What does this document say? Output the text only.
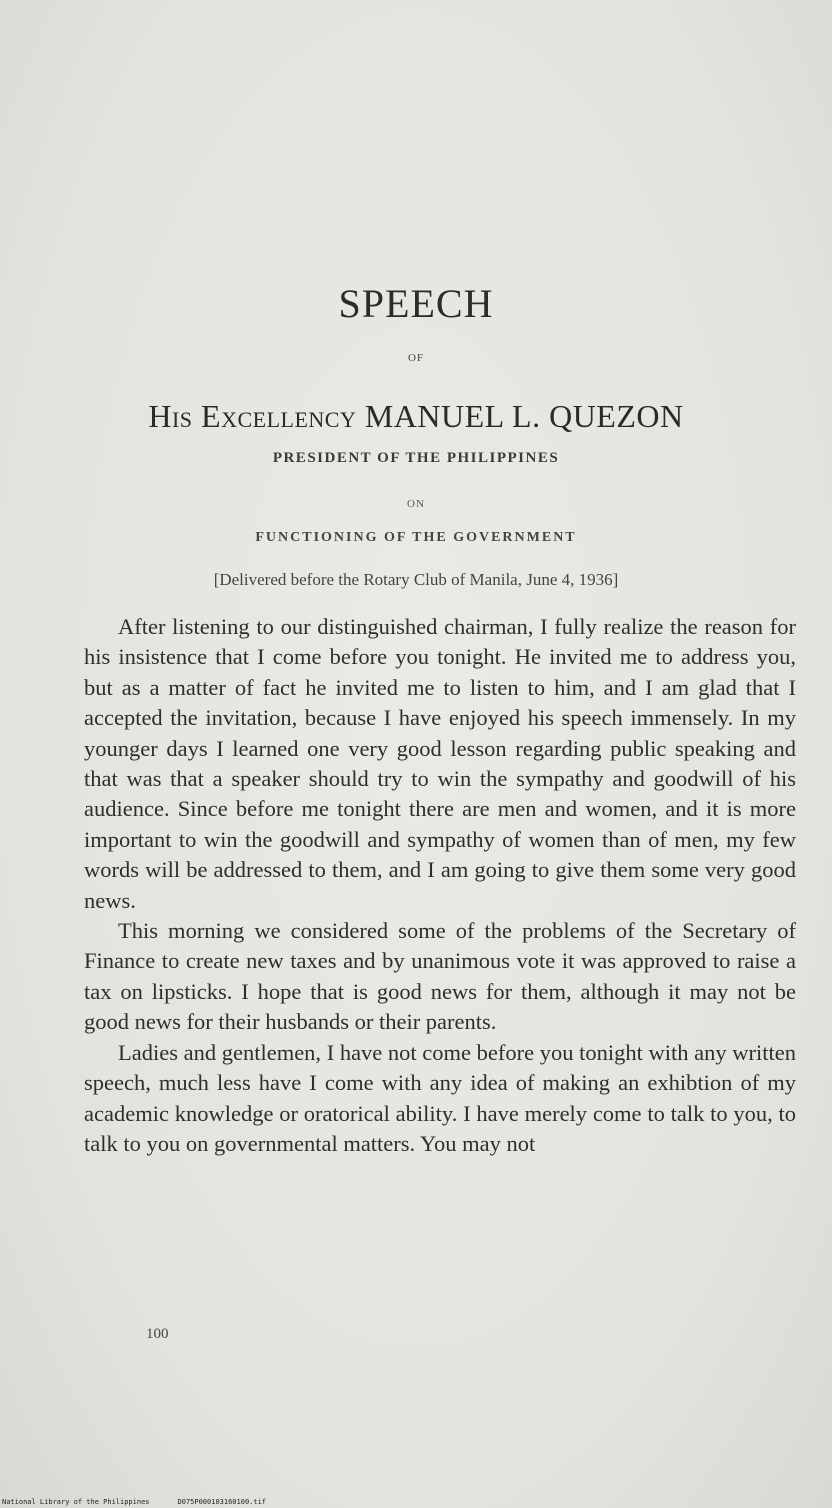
SPEECH
OF
His Excellency MANUEL L. QUEZON
PRESIDENT OF THE PHILIPPINES
ON
FUNCTIONING OF THE GOVERNMENT
[Delivered before the Rotary Club of Manila, June 4, 1936]

After listening to our distinguished chairman, I fully realize the reason for his insistence that I come before you tonight. He invited me to address you, but as a matter of fact he invited me to listen to him, and I am glad that I accepted the invitation, because I have enjoyed his speech immensely. In my younger days I learned one very good lesson regarding public speaking and that was that a speaker should try to win the sympathy and goodwill of his audience. Since before me tonight there are men and women, and it is more important to win the goodwill and sympathy of women than of men, my few words will be addressed to them, and I am going to give them some very good news.

This morning we considered some of the problems of the Secretary of Finance to create new taxes and by unanimous vote it was approved to raise a tax on lipsticks. I hope that is good news for them, although it may not be good news for their husbands or their parents.

Ladies and gentlemen, I have not come before you tonight with any written speech, much less have I come with any idea of making an exhibtion of my academic knowledge or oratorical ability. I have merely come to talk to you, to talk to you on governmental matters. You may not

100
National Library of the Philippines	D075P000103160100.tif
